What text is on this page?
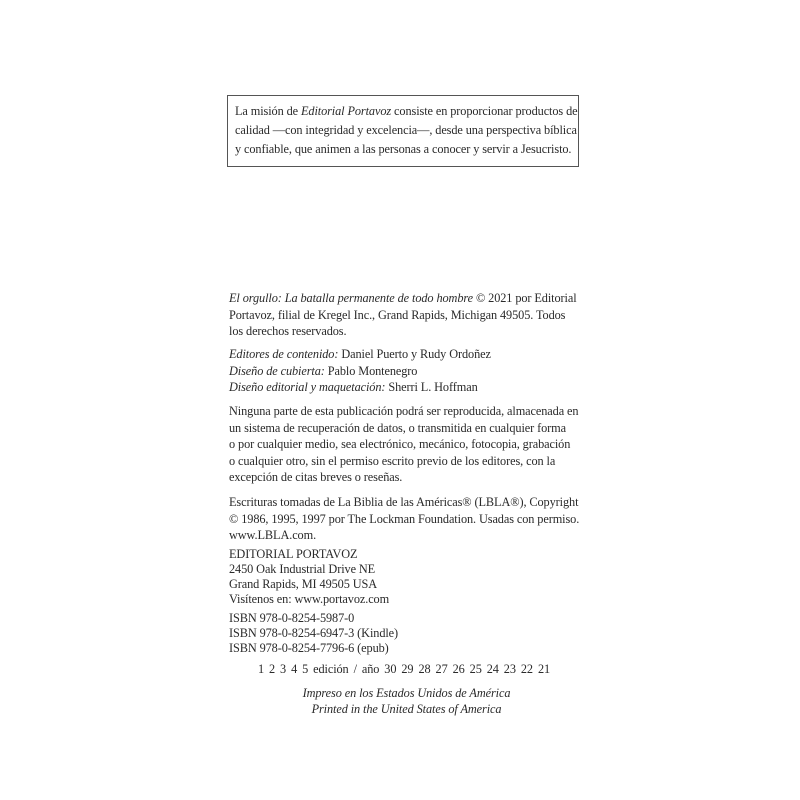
La misión de Editorial Portavoz consiste en proporcionar productos de
calidad —con integridad y excelencia—, desde una perspectiva bíblica
y confiable, que animen a las personas a conocer y servir a Jesucristo.
El orgullo: La batalla permanente de todo hombre © 2021 por Editorial
Portavoz, filial de Kregel Inc., Grand Rapids, Michigan 49505. Todos
los derechos reservados.
Editores de contenido: Daniel Puerto y Rudy Ordoñez
Diseño de cubierta: Pablo Montenegro
Diseño editorial y maquetación: Sherri L. Hoffman
Ninguna parte de esta publicación podrá ser reproducida, almacenada en
un sistema de recuperación de datos, o transmitida en cualquier forma
o por cualquier medio, sea electrónico, mecánico, fotocopia, grabación
o cualquier otro, sin el permiso escrito previo de los editores, con la
excepción de citas breves o reseñas.
Escrituras tomadas de La Biblia de las Américas® (LBLA®), Copyright
© 1986, 1995, 1997 por The Lockman Foundation. Usadas con permiso.
www.LBLA.com.
EDITORIAL PORTAVOZ
2450 Oak Industrial Drive NE
Grand Rapids, MI 49505 USA
Visítenos en: www.portavoz.com
ISBN 978-0-8254-5987-0
ISBN 978-0-8254-6947-3 (Kindle)
ISBN 978-0-8254-7796-6 (epub)
1 2 3 4 5 edición / año 30 29 28 27 26 25 24 23 22 21
Impreso en los Estados Unidos de América
Printed in the United States of America
